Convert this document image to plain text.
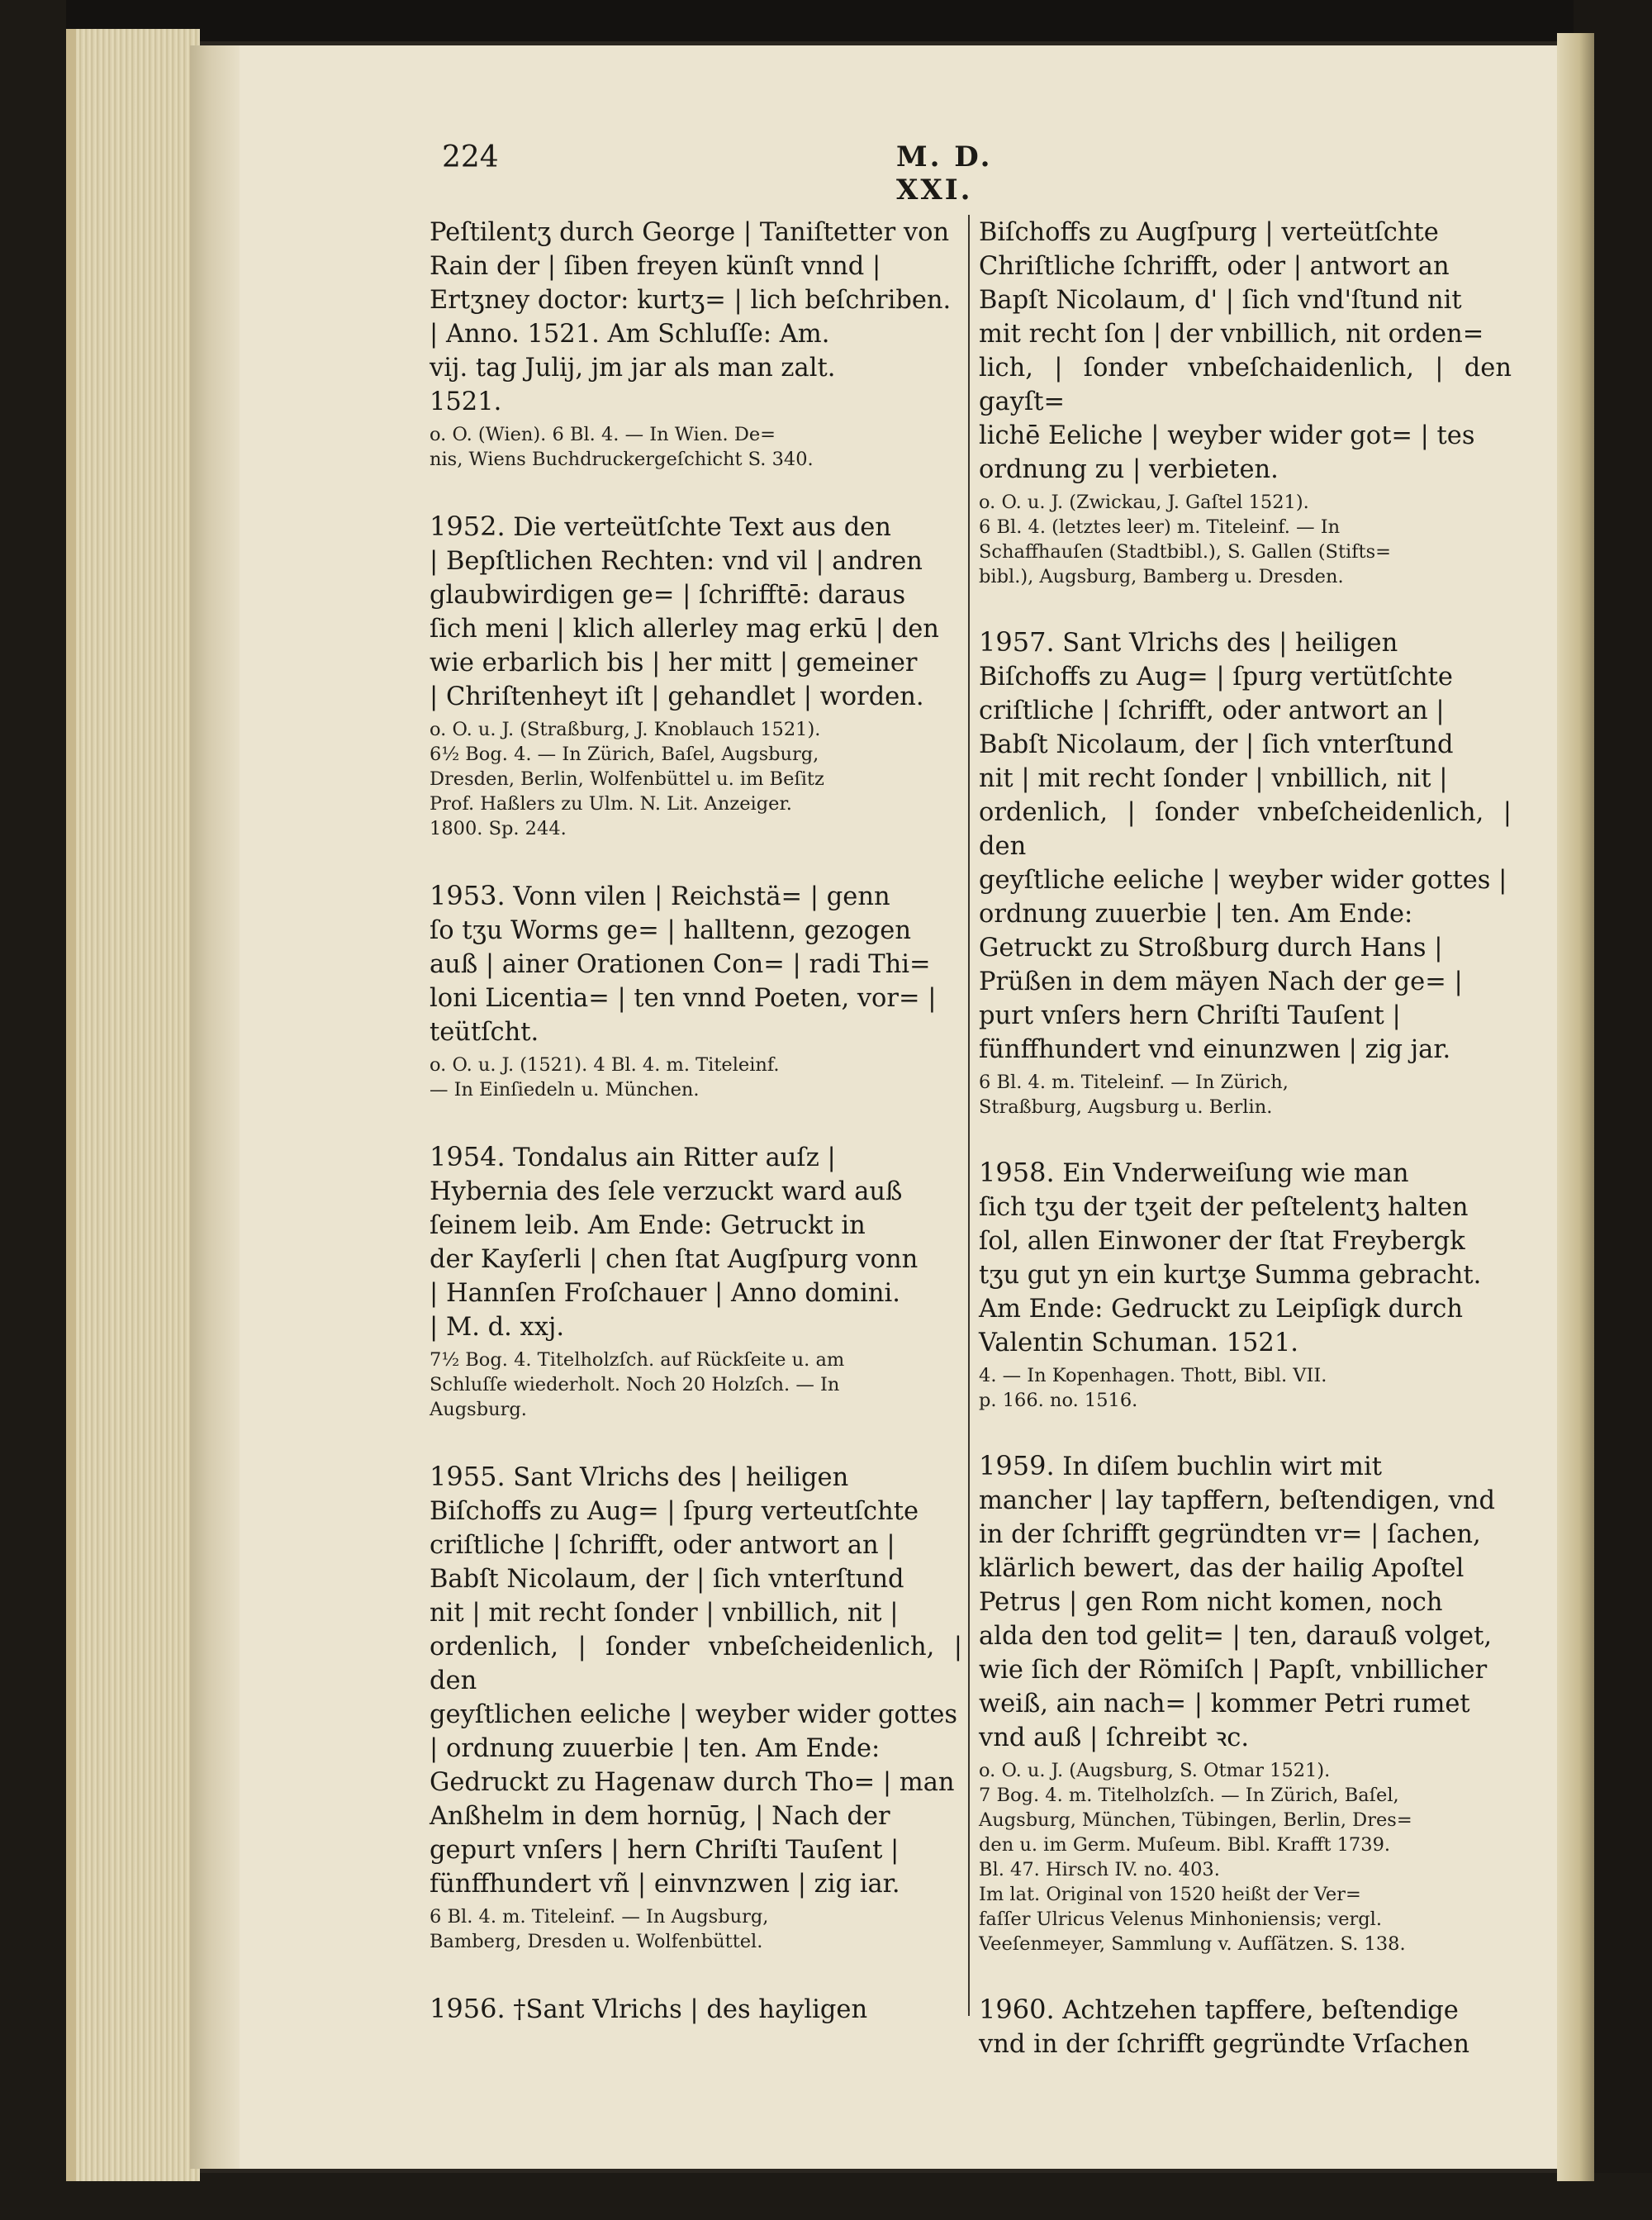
224	M. D. XXI.

Peſtilentʒ durch George | Taniſtetter von
Rain der | ſiben freyen künſt vnnd |
Ertʒney doctor: kurtʒ= | lich beſchriben.
| Anno. 1521. Am Schluſſe: Am.
vij. tag Julij, jm jar als man zalt.
1521.

o. O. (Wien). 6 Bl. 4. — In Wien. De=
nis, Wiens Buchdruckergeſchicht S. 340.

1952. Die verteütſchte Text aus den
| Bepſtlichen Rechten: vnd vil | andren
glaubwirdigen ge= | ſchrifftē: daraus
ſich meni | klich allerley mag erkū | den
wie erbarlich bis | her mitt | gemeiner
| Chriſtenheyt iſt | gehandlet | worden.

o. O. u. J. (Straßburg, J. Knoblauch 1521).
6½ Bog. 4. — In Zürich, Baſel, Augsburg,
Dresden, Berlin, Wolfenbüttel u. im Beſitz
Prof. Haßlers zu Ulm. N. Lit. Anzeiger.
1800. Sp. 244.

1953. Vonn vilen | Reichstä= | genn
ſo tʒu Worms ge= | halltenn, gezogen
auß | ainer Orationen Con= | radi Thi=
loni Licentia= | ten vnnd Poeten, vor= |
teütſcht.

o. O. u. J. (1521). 4 Bl. 4. m. Titeleinf.
— In Einſiedeln u. München.

1954. Tondalus ain Ritter auſz |
Hybernia des ſele verzuckt ward auß
ſeinem leib. Am Ende: Getruckt in
der Kayſerli | chen ſtat Augſpurg vonn
| Hannſen Froſchauer | Anno domini.
| M. d. xxj.

7½ Bog. 4. Titelholzſch. auf Rückſeite u. am
Schluſſe wiederholt. Noch 20 Holzſch. — In
Augsburg.

1955. Sant Vlrichs des | heiligen
Biſchoffs zu Aug= | ſpurg verteutſchte
criſtliche | ſchrifft, oder antwort an |
Babſt Nicolaum, der | ſich vnterſtund
nit | mit recht ſonder | vnbillich, nit |
ordenlich, | ſonder vnbeſcheidenlich, | den
geyſtlichen eeliche | weyber wider gottes
| ordnung zuuerbie | ten. Am Ende:
Gedruckt zu Hagenaw durch Tho= | man
Anßhelm in dem hornūg, | Nach der
gepurt vnſers | hern Chriſti Tauſent |
fünffhundert vñ | einvnzwen | zig iar.

6 Bl. 4. m. Titeleinf. — In Augsburg,
Bamberg, Dresden u. Wolfenbüttel.

1956. †Sant Vlrichs | des hayligen

Biſchoffs zu Augſpurg | verteütſchte
Chriſtliche ſchrifft, oder | antwort an
Bapſt Nicolaum, d' | ſich vnd'ſtund nit
mit recht ſon | der vnbillich, nit orden=
lich, | ſonder vnbeſchaidenlich, | den gayſt=
lichē Eeliche | weyber wider got= | tes
ordnung zu | verbieten.

o. O. u. J. (Zwickau, J. Gaſtel 1521).
6 Bl. 4. (letztes leer) m. Titeleinf. — In
Schaffhauſen (Stadtbibl.), S. Gallen (Stifts=
bibl.), Augsburg, Bamberg u. Dresden.

1957. Sant Vlrichs des | heiligen
Biſchoffs zu Aug= | ſpurg vertütſchte
criſtliche | ſchrifft, oder antwort an |
Babſt Nicolaum, der | ſich vnterſtund
nit | mit recht ſonder | vnbillich, nit |
ordenlich, | ſonder vnbeſcheidenlich, | den
geyſtliche eeliche | weyber wider gottes |
ordnung zuuerbie | ten. Am Ende:
Getruckt zu Stroßburg durch Hans |
Prüßen in dem mäyen Nach der ge= |
purt vnſers hern Chriſti Tauſent |
fünffhundert vnd einunzwen | zig jar.

6 Bl. 4. m. Titeleinf. — In Zürich,
Straßburg, Augsburg u. Berlin.

1958. Ein Vnderweiſung wie man
ſich tʒu der tʒeit der peſtelentʒ halten
ſol, allen Einwoner der ſtat Freybergk
tʒu gut yn ein kurtʒe Summa gebracht.
Am Ende: Gedruckt zu Leipſigk durch
Valentin Schuman. 1521.

4. — In Kopenhagen. Thott, Bibl. VII.
p. 166. no. 1516.

1959. In diſem buchlin wirt mit
mancher | lay tapffern, beſtendigen, vnd
in der ſchrifft gegründten vr= | ſachen,
klärlich bewert, das der hailig Apoſtel
Petrus | gen Rom nicht komen, noch
alda den tod gelit= | ten, darauß volget,
wie ſich der Römiſch | Papſt, vnbillicher
weiß, ain nach= | kommer Petri rumet
vnd auß | ſchreibt ꝛc.

o. O. u. J. (Augsburg, S. Otmar 1521).
7 Bog. 4. m. Titelholzſch. — In Zürich, Baſel,
Augsburg, München, Tübingen, Berlin, Dres=
den u. im Germ. Muſeum. Bibl. Krafft 1739.
Bl. 47. Hirsch IV. no. 403.
Im lat. Original von 1520 heißt der Ver=
faſſer Ulricus Velenus Minhoniensis; vergl.
Veeſenmeyer, Sammlung v. Aufſätzen. S. 138.

1960. Achtzehen tapffere, beſtendige
vnd in der ſchrifft gegründte Vrſachen
